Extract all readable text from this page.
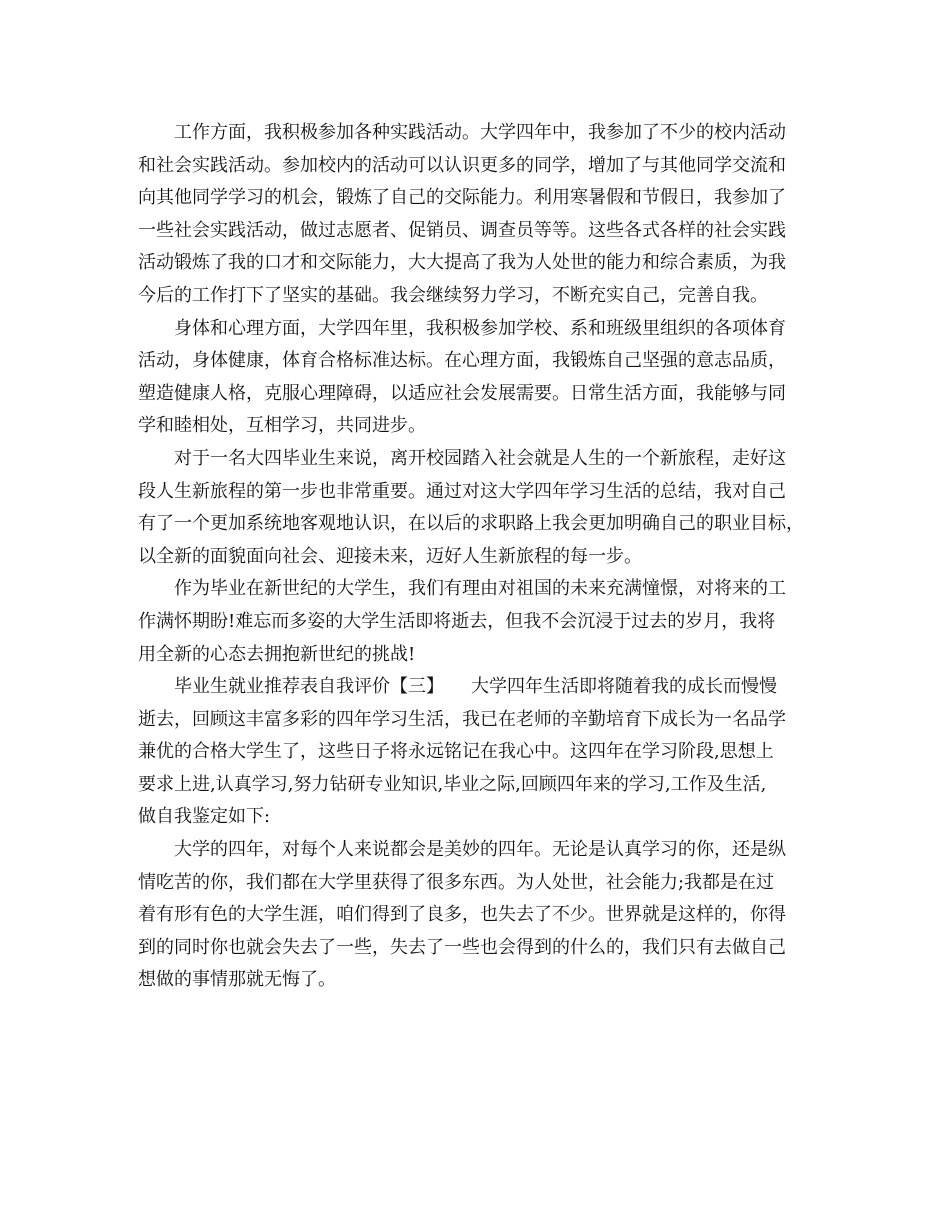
工作方面，我积极参加各种实践活动。大学四年中，我参加了不少的校内活动
和社会实践活动。参加校内的活动可以认识更多的同学，增加了与其他同学交流和
向其他同学学习的机会，锻炼了自己的交际能力。利用寒暑假和节假日，我参加了
一些社会实践活动，做过志愿者、促销员、调查员等等。这些各式各样的社会实践
活动锻炼了我的口才和交际能力，大大提高了我为人处世的能力和综合素质，为我
今后的工作打下了坚实的基础。我会继续努力学习，不断充实自己，完善自我。
身体和心理方面，大学四年里，我积极参加学校、系和班级里组织的各项体育
活动，身体健康，体育合格标准达标。在心理方面，我锻炼自己坚强的意志品质，
塑造健康人格，克服心理障碍，以适应社会发展需要。日常生活方面，我能够与同
学和睦相处，互相学习，共同进步。
对于一名大四毕业生来说，离开校园踏入社会就是人生的一个新旅程，走好这
段人生新旅程的第一步也非常重要。通过对这大学四年学习生活的总结，我对自己
有了一个更加系统地客观地认识，在以后的求职路上我会更加明确自己的职业目标，
以全新的面貌面向社会、迎接未来，迈好人生新旅程的每一步。
作为毕业在新世纪的大学生，我们有理由对祖国的未来充满憧憬，对将来的工
作满怀期盼!难忘而多姿的大学生活即将逝去，但我不会沉浸于过去的岁月，我将
用全新的心态去拥抱新世纪的挑战!
毕业生就业推荐表自我评价【三】　　大学四年生活即将随着我的成长而慢慢
逝去，回顾这丰富多彩的四年学习生活，我已在老师的辛勤培育下成长为一名品学
兼优的合格大学生了，这些日子将永远铭记在我心中。这四年在学习阶段,思想上
要求上进,认真学习,努力钻研专业知识,毕业之际,回顾四年来的学习,工作及生活,
做自我鉴定如下:
大学的四年，对每个人来说都会是美妙的四年。无论是认真学习的你，还是纵
情吃苦的你，我们都在大学里获得了很多东西。为人处世，社会能力;我都是在过
着有形有色的大学生涯，咱们得到了良多，也失去了不少。世界就是这样的，你得
到的同时你也就会失去了一些，失去了一些也会得到的什么的，我们只有去做自己
想做的事情那就无悔了。
